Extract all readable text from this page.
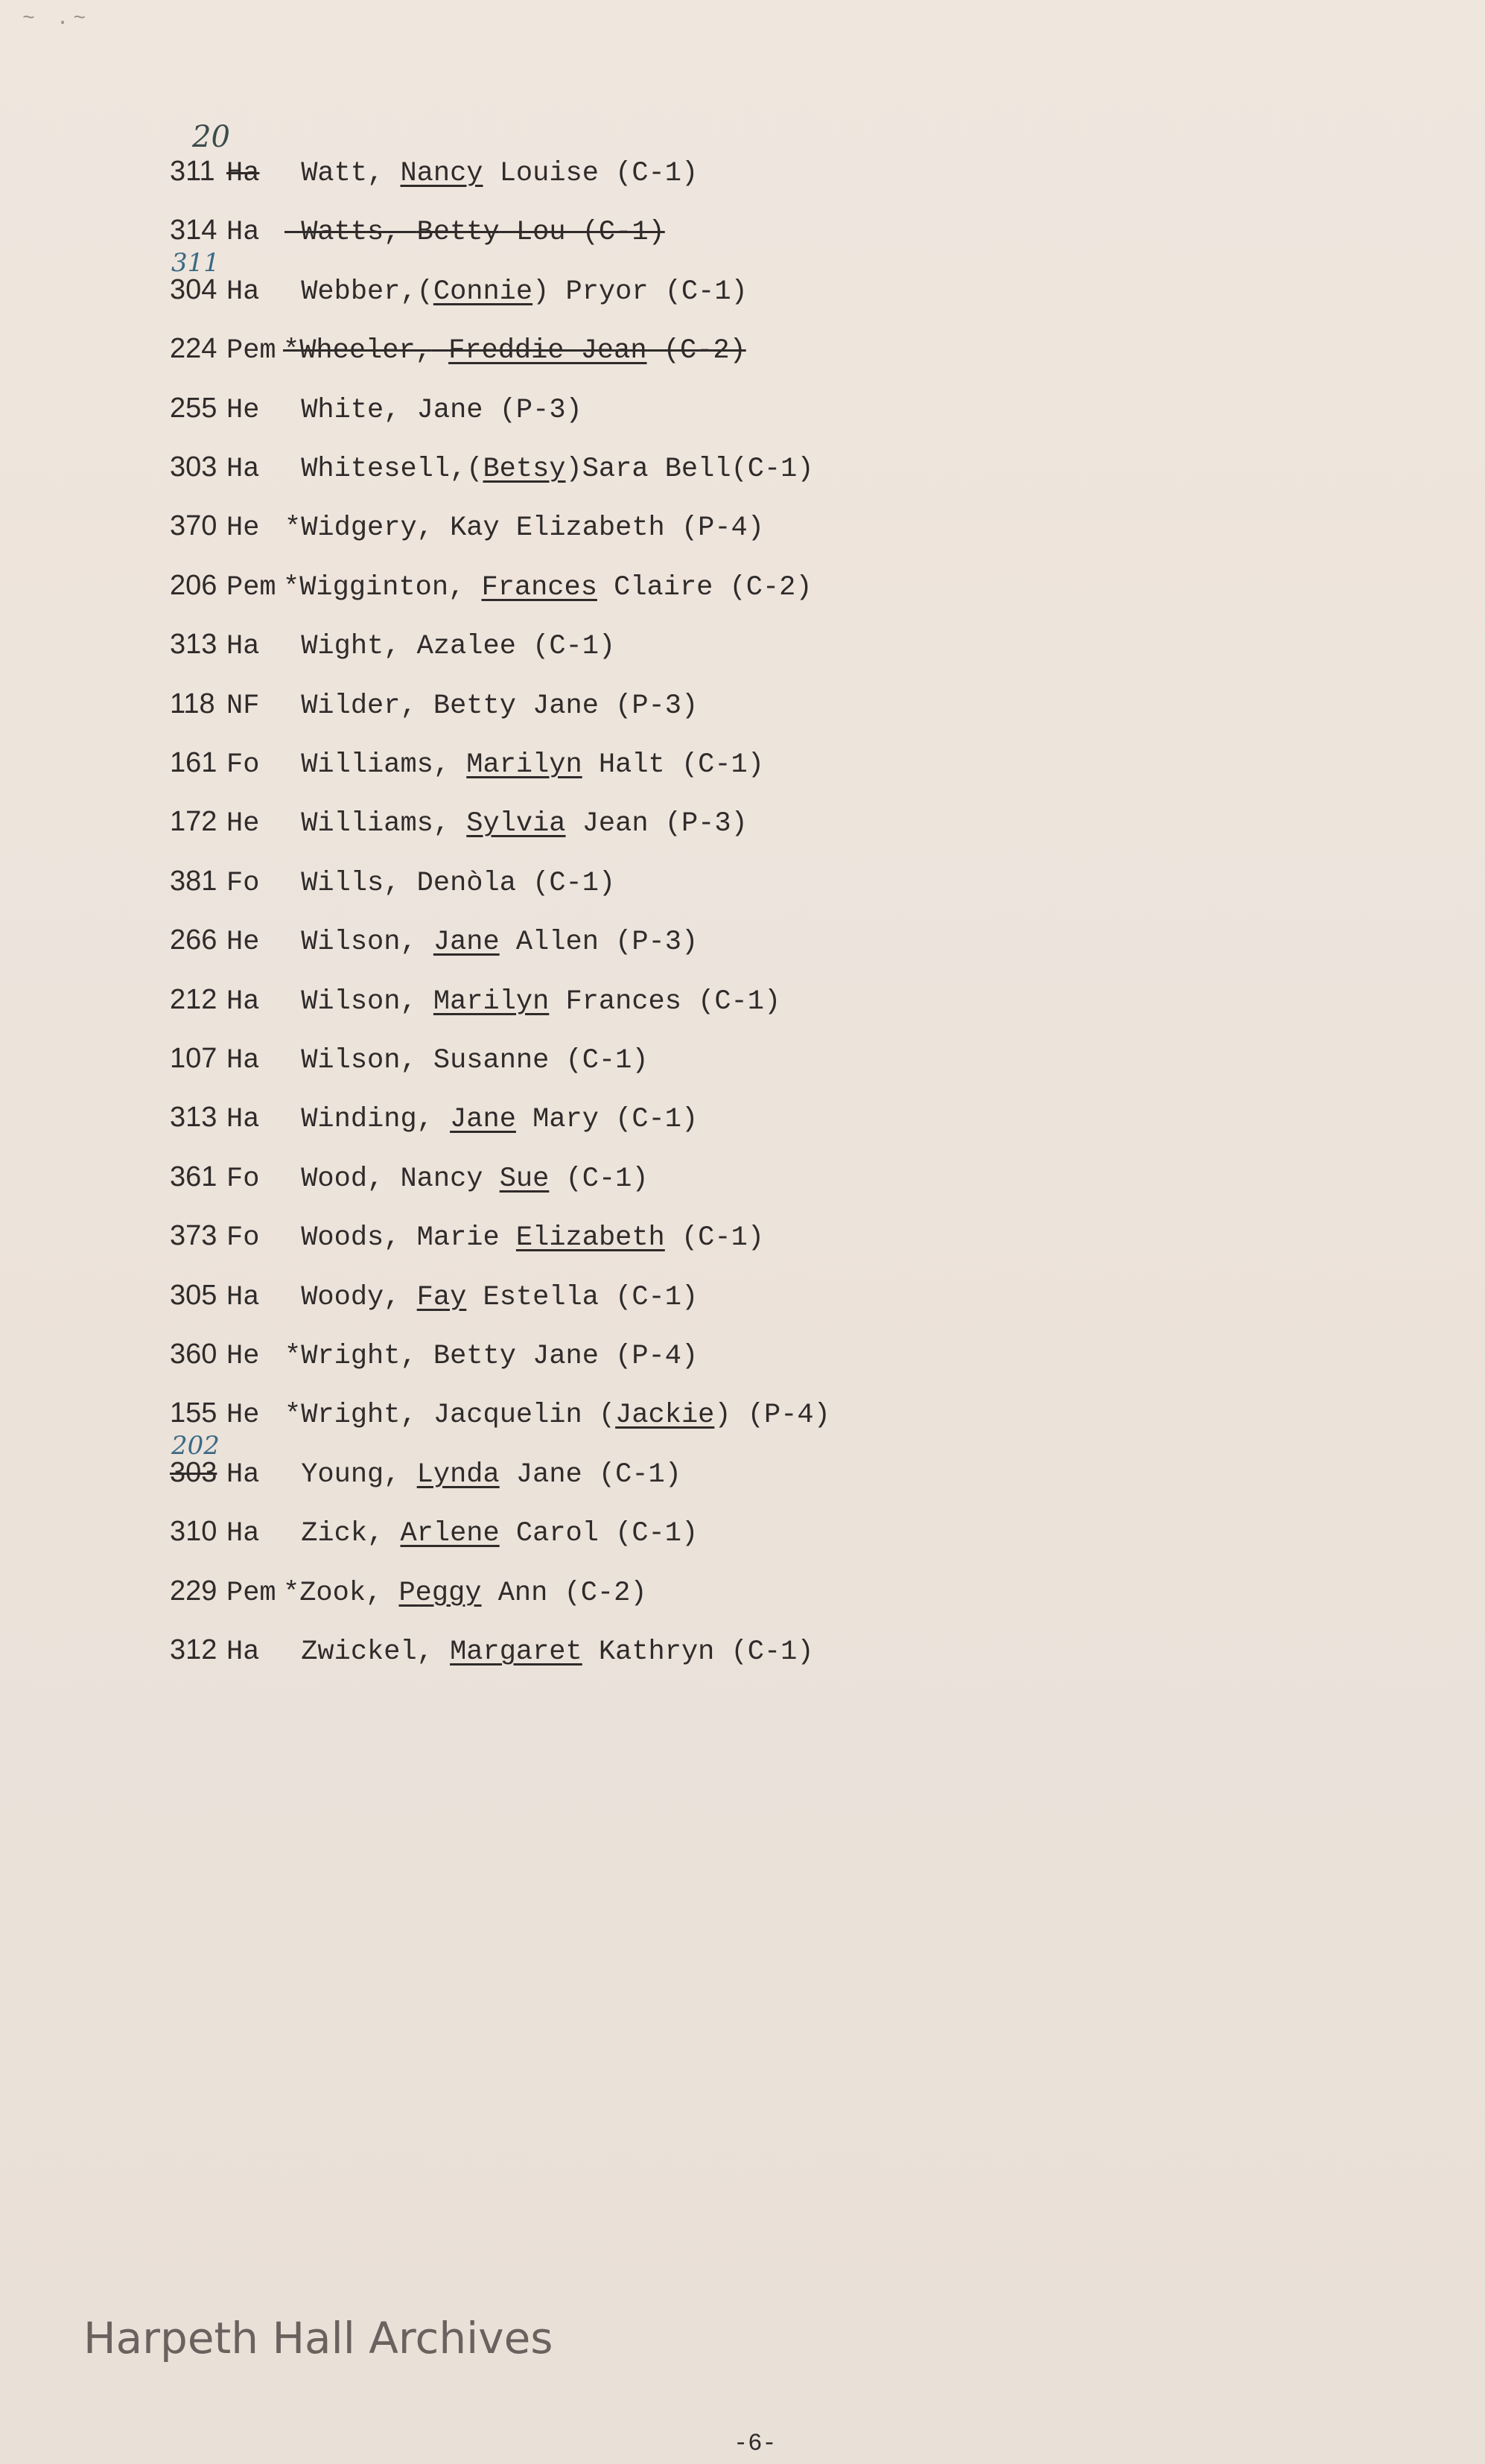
~ .~
311 Ha Watt, Nancy Louise (C-1)
20
314 Ha Watts, Betty Lou (C-1)
304 Ha Webber,(Connie) Pryor (C-1)
311
224 Pem *Wheeler, Freddie Jean (C-2)
255 He White, Jane (P-3)
303 Ha Whitesell,(Betsy)Sara Bell(C-1)
370 He *Widgery, Kay Elizabeth (P-4)
206 Pem *Wigginton, Frances Claire (C-2)
313 Ha Wight, Azalee (C-1)
118 NF Wilder, Betty Jane (P-3)
161 Fo Williams, Marilyn Halt (C-1)
172 He Williams, Sylvia Jean (P-3)
381 Fo Wills, Denòla (C-1)
266 He Wilson, Jane Allen (P-3)
212 Ha Wilson, Marilyn Frances (C-1)
107 Ha Wilson, Susanne (C-1)
313 Ha Winding, Jane Mary (C-1)
361 Fo Wood, Nancy Sue (C-1)
373 Fo Woods, Marie Elizabeth (C-1)
305 Ha Woody, Fay Estella (C-1)
360 He *Wright, Betty Jane (P-4)
155 He *Wright, Jacquelin (Jackie) (P-4)
303 Ha Young, Lynda Jane (C-1)
202
310 Ha Zick, Arlene Carol (C-1)
229 Pem *Zook, Peggy Ann (C-2)
312 Ha Zwickel, Margaret Kathryn (C-1)
Harpeth Hall Archives
-6-
